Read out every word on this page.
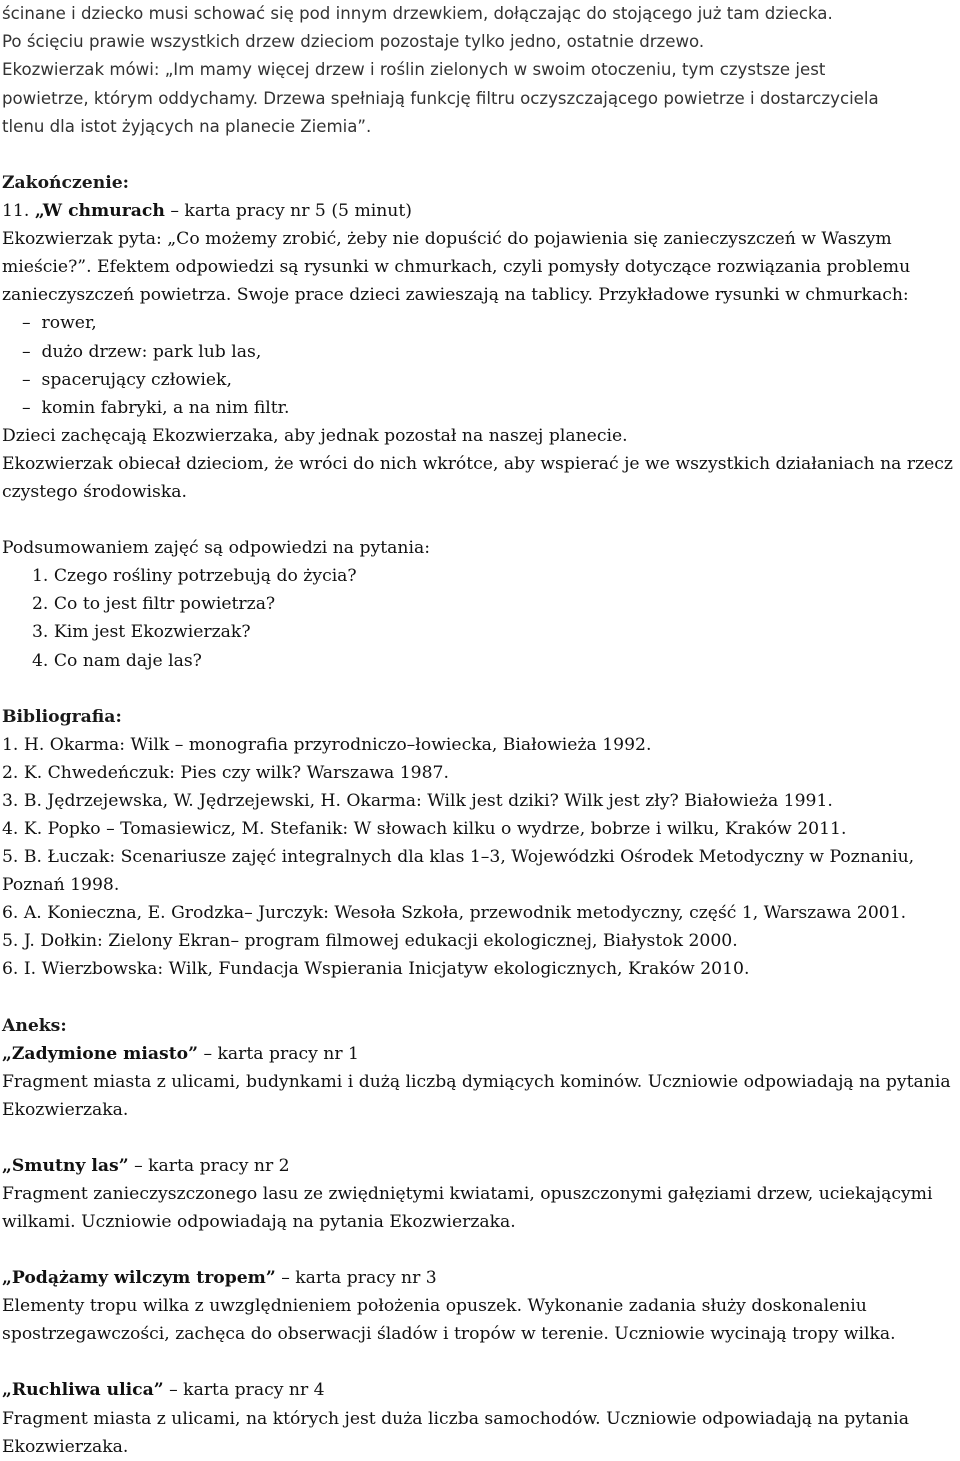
ścinane i dziecko musi schować się pod innym drzewkiem, dołączając do stojącego już tam dziecka.

Po ścięciu prawie wszystkich drzew dzieciom pozostaje tylko jedno, ostatnie drzewo.

Ekozwierzak mówi: „Im mamy więcej drzew i roślin zielonych w swoim otoczeniu, tym czystsze jest

powietrze, którym oddychamy. Drzewa spełniają funkcję filtru oczyszczającego powietrze i dostarczyciela

tlenu dla istot żyjących na planecie Ziemia”.

Zakończenie:

11. „W chmurach – karta pracy nr 5 (5 minut)

Ekozwierzak pyta: „Co możemy zrobić, żeby nie dopuścić do pojawienia się zanieczyszczeń w Waszym mieście?”. Efektem odpowiedzi są rysunki w chmurkach, czyli pomysły dotyczące rozwiązania problemu zanieczyszczeń powietrza. Swoje prace dzieci zawieszają na tablicy. Przykładowe rysunki w chmurkach:

–  rower,
–  dużo drzew: park lub las,
–  spacerujący człowiek,
–  komin fabryki, a na nim filtr.

Dzieci zachęcają Ekozwierzaka, aby jednak pozostał na naszej planecie.

Ekozwierzak obiecał dzieciom, że wróci do nich wkrótce, aby wspierać je we wszystkich działaniach na rzecz czystego środowiska.

Podsumowaniem zajęć są odpowiedzi na pytania:

1. Czego rośliny potrzebują do życia?
2. Co to jest filtr powietrza?
3. Kim jest Ekozwierzak?
4. Co nam daje las?

Bibliografia:

1. H. Okarma: Wilk – monografia przyrodniczo–łowiecka, Białowieża 1992.

2. K. Chwedeńczuk: Pies czy wilk? Warszawa 1987.

3. B. Jędrzejewska, W. Jędrzejewski, H. Okarma: Wilk jest dziki? Wilk jest zły? Białowieża 1991.

4. K. Popko – Tomasiewicz, M. Stefanik: W słowach kilku o wydrze, bobrze i wilku, Kraków 2011.

5. B. Łuczak: Scenariusze zajęć integralnych dla klas 1–3, Wojewódzki Ośrodek Metodyczny w Poznaniu, Poznań 1998.

6. A. Konieczna, E. Grodzka– Jurczyk: Wesoła Szkoła, przewodnik metodyczny, część 1, Warszawa 2001.

5. J. Dołkin: Zielony Ekran– program filmowej edukacji ekologicznej, Białystok 2000.

6. I. Wierzbowska: Wilk, Fundacja Wspierania Inicjatyw ekologicznych, Kraków 2010.

Aneks:

„Zadymione miasto” – karta pracy nr 1

Fragment miasta z ulicami, budynkami i dużą liczbą dymiących kominów. Uczniowie odpowiadają na pytania Ekozwierzaka.

„Smutny las” – karta pracy nr 2

Fragment zanieczyszczonego lasu ze zwiędniętymi kwiatami, opuszczonymi gałęziami drzew, uciekającymi wilkami. Uczniowie odpowiadają na pytania Ekozwierzaka.

„Podążamy wilczym tropem” – karta pracy nr 3

Elementy tropu wilka z uwzględnieniem położenia opuszek. Wykonanie zadania służy doskonaleniu spostrzegawczości, zachęca do obserwacji śladów i tropów w terenie. Uczniowie wycinają tropy wilka.

„Ruchliwa ulica” – karta pracy nr 4

Fragment miasta z ulicami, na których jest duża liczba samochodów. Uczniowie odpowiadają na pytania Ekozwierzaka.
